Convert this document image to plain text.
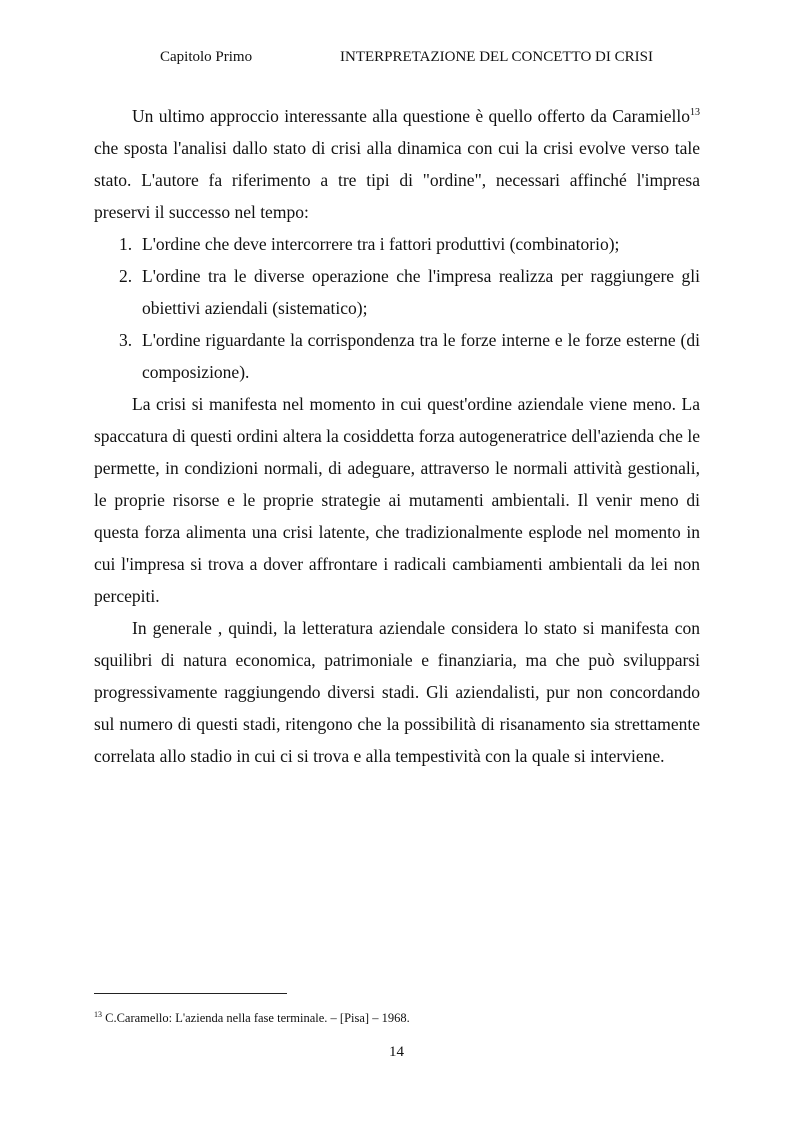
Capitolo Primo	INTERPRETAZIONE DEL CONCETTO DI CRISI

Un ultimo approccio interessante alla questione è quello offerto da Caramiello$^{13}$ che sposta l'analisi dallo stato di crisi alla dinamica con cui la crisi evolve verso tale stato. L'autore fa riferimento a tre tipi di "ordine", necessari affinché l'impresa preservi il successo nel tempo:

1. L'ordine che deve intercorrere tra i fattori produttivi (combinatorio);
2. L'ordine tra le diverse operazione che l'impresa realizza per raggiungere gli obiettivi aziendali (sistematico);
3. L'ordine riguardante la corrispondenza tra le forze interne e le forze esterne (di composizione).

La crisi si manifesta nel momento in cui quest'ordine aziendale viene meno. La spaccatura di questi ordini altera la cosiddetta forza autogeneratrice dell'azienda che le permette, in condizioni normali, di adeguare, attraverso le normali attività gestionali, le proprie risorse e le proprie strategie ai mutamenti ambientali. Il venir meno di questa forza alimenta una crisi latente, che tradizionalmente esplode nel momento in cui l'impresa si trova a dover affrontare i radicali cambiamenti ambientali da lei non percepiti.

In generale , quindi, la letteratura aziendale considera lo stato si manifesta con squilibri di natura economica, patrimoniale e finanziaria, ma che può svilupparsi progressivamente raggiungendo diversi stadi. Gli aziendalisti, pur non concordando sul numero di questi stadi, ritengono che la possibilità di risanamento sia strettamente correlata allo stadio in cui ci si trova e alla tempestività con la quale si interviene.

$^{13}$ C.Caramello: L'azienda nella fase terminale. – [Pisa] – 1968.
14
